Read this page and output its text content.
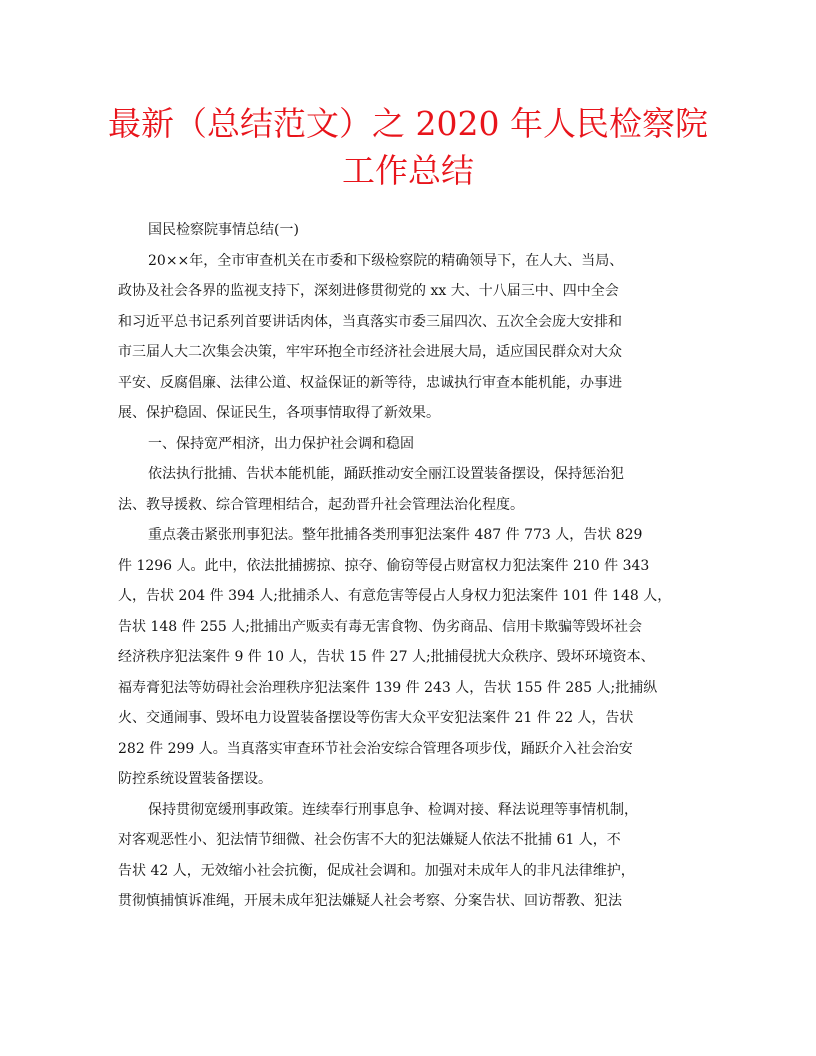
最新（总结范文）之 2020 年人民检察院
工作总结
国民检察院事情总结(一)
20××年，全市审查机关在市委和下级检察院的精确领导下，在人大、当局、
政协及社会各界的监视支持下，深刻进修贯彻党的 xx 大、十八届三中、四中全会
和习近平总书记系列首要讲话肉体，当真落实市委三届四次、五次全会庞大安排和
市三届人大二次集会决策，牢牢环抱全市经济社会进展大局，适应国民群众对大众
平安、反腐倡廉、法律公道、权益保证的新等待，忠诚执行审查本能机能，办事进
展、保护稳固、保证民生，各项事情取得了新效果。
一、保持宽严相济，出力保护社会调和稳固
依法执行批捕、告状本能机能，踊跃推动安全丽江设置装备摆设，保持惩治犯
法、教导援救、综合管理相结合，起劲晋升社会管理法治化程度。
重点袭击紧张刑事犯法。整年批捕各类刑事犯法案件 487 件 773 人，告状 829
件 1296 人。此中，依法批捕掳掠、掠夺、偷窃等侵占财富权力犯法案件 210 件 343
人，告状 204 件 394 人;批捕杀人、有意危害等侵占人身权力犯法案件 101 件 148 人，
告状 148 件 255 人;批捕出产贩卖有毒无害食物、伪劣商品、信用卡欺骗等毁坏社会
经济秩序犯法案件 9 件 10 人，告状 15 件 27 人;批捕侵扰大众秩序、毁坏环境资本、
福寿膏犯法等妨碍社会治理秩序犯法案件 139 件 243 人，告状 155 件 285 人;批捕纵
火、交通闹事、毁坏电力设置装备摆设等伤害大众平安犯法案件 21 件 22 人，告状
282 件 299 人。当真落实审查环节社会治安综合管理各项步伐，踊跃介入社会治安
防控系统设置装备摆设。
保持贯彻宽缓刑事政策。连续奉行刑事息争、检调对接、释法说理等事情机制，
对客观恶性小、犯法情节细微、社会伤害不大的犯法嫌疑人依法不批捕 61 人，不
告状 42 人，无效缩小社会抗衡，促成社会调和。加强对未成年人的非凡法律维护，
贯彻慎捕慎诉准绳，开展未成年犯法嫌疑人社会考察、分案告状、回访帮教、犯法
